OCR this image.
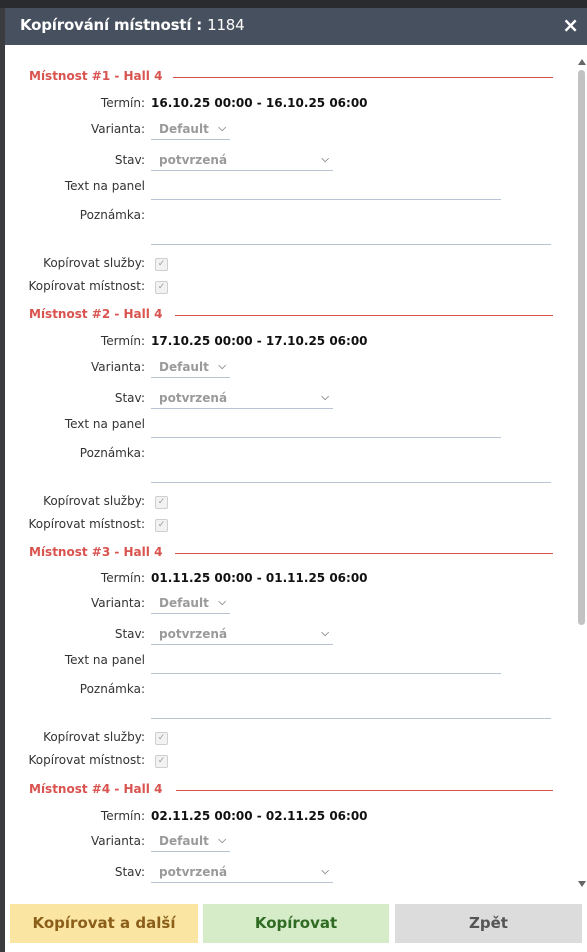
Kopírování místností : 1184	×
Místnost #1 - Hall 4
Termín: 16.10.25 00:00 - 16.10.25 06:00
Varianta: Default ⌵
Stav: potvrzená	⌵
Text na panel
Poznámka:
Kopírovat služby:	✓
Kopírovat místnost:	✓
Místnost #2 - Hall 4
Termín: 17.10.25 00:00 - 17.10.25 06:00
Varianta: Default ⌵
Stav: potvrzená	⌵
Text na panel
Poznámka:
Kopírovat služby:	✓
Kopírovat místnost:	✓
Místnost #3 - Hall 4
Termín: 01.11.25 00:00 - 01.11.25 06:00
Varianta: Default ⌵
Stav: potvrzená	⌵
Text na panel
Poznámka:
Kopírovat služby:	✓
Kopírovat místnost:	✓
Místnost #4 - Hall 4
Termín: 02.11.25 00:00 - 02.11.25 06:00
Varianta: Default ⌵
Stav: potvrzená	⌵
Kopírovat a další	Kopírovat	Zpět
